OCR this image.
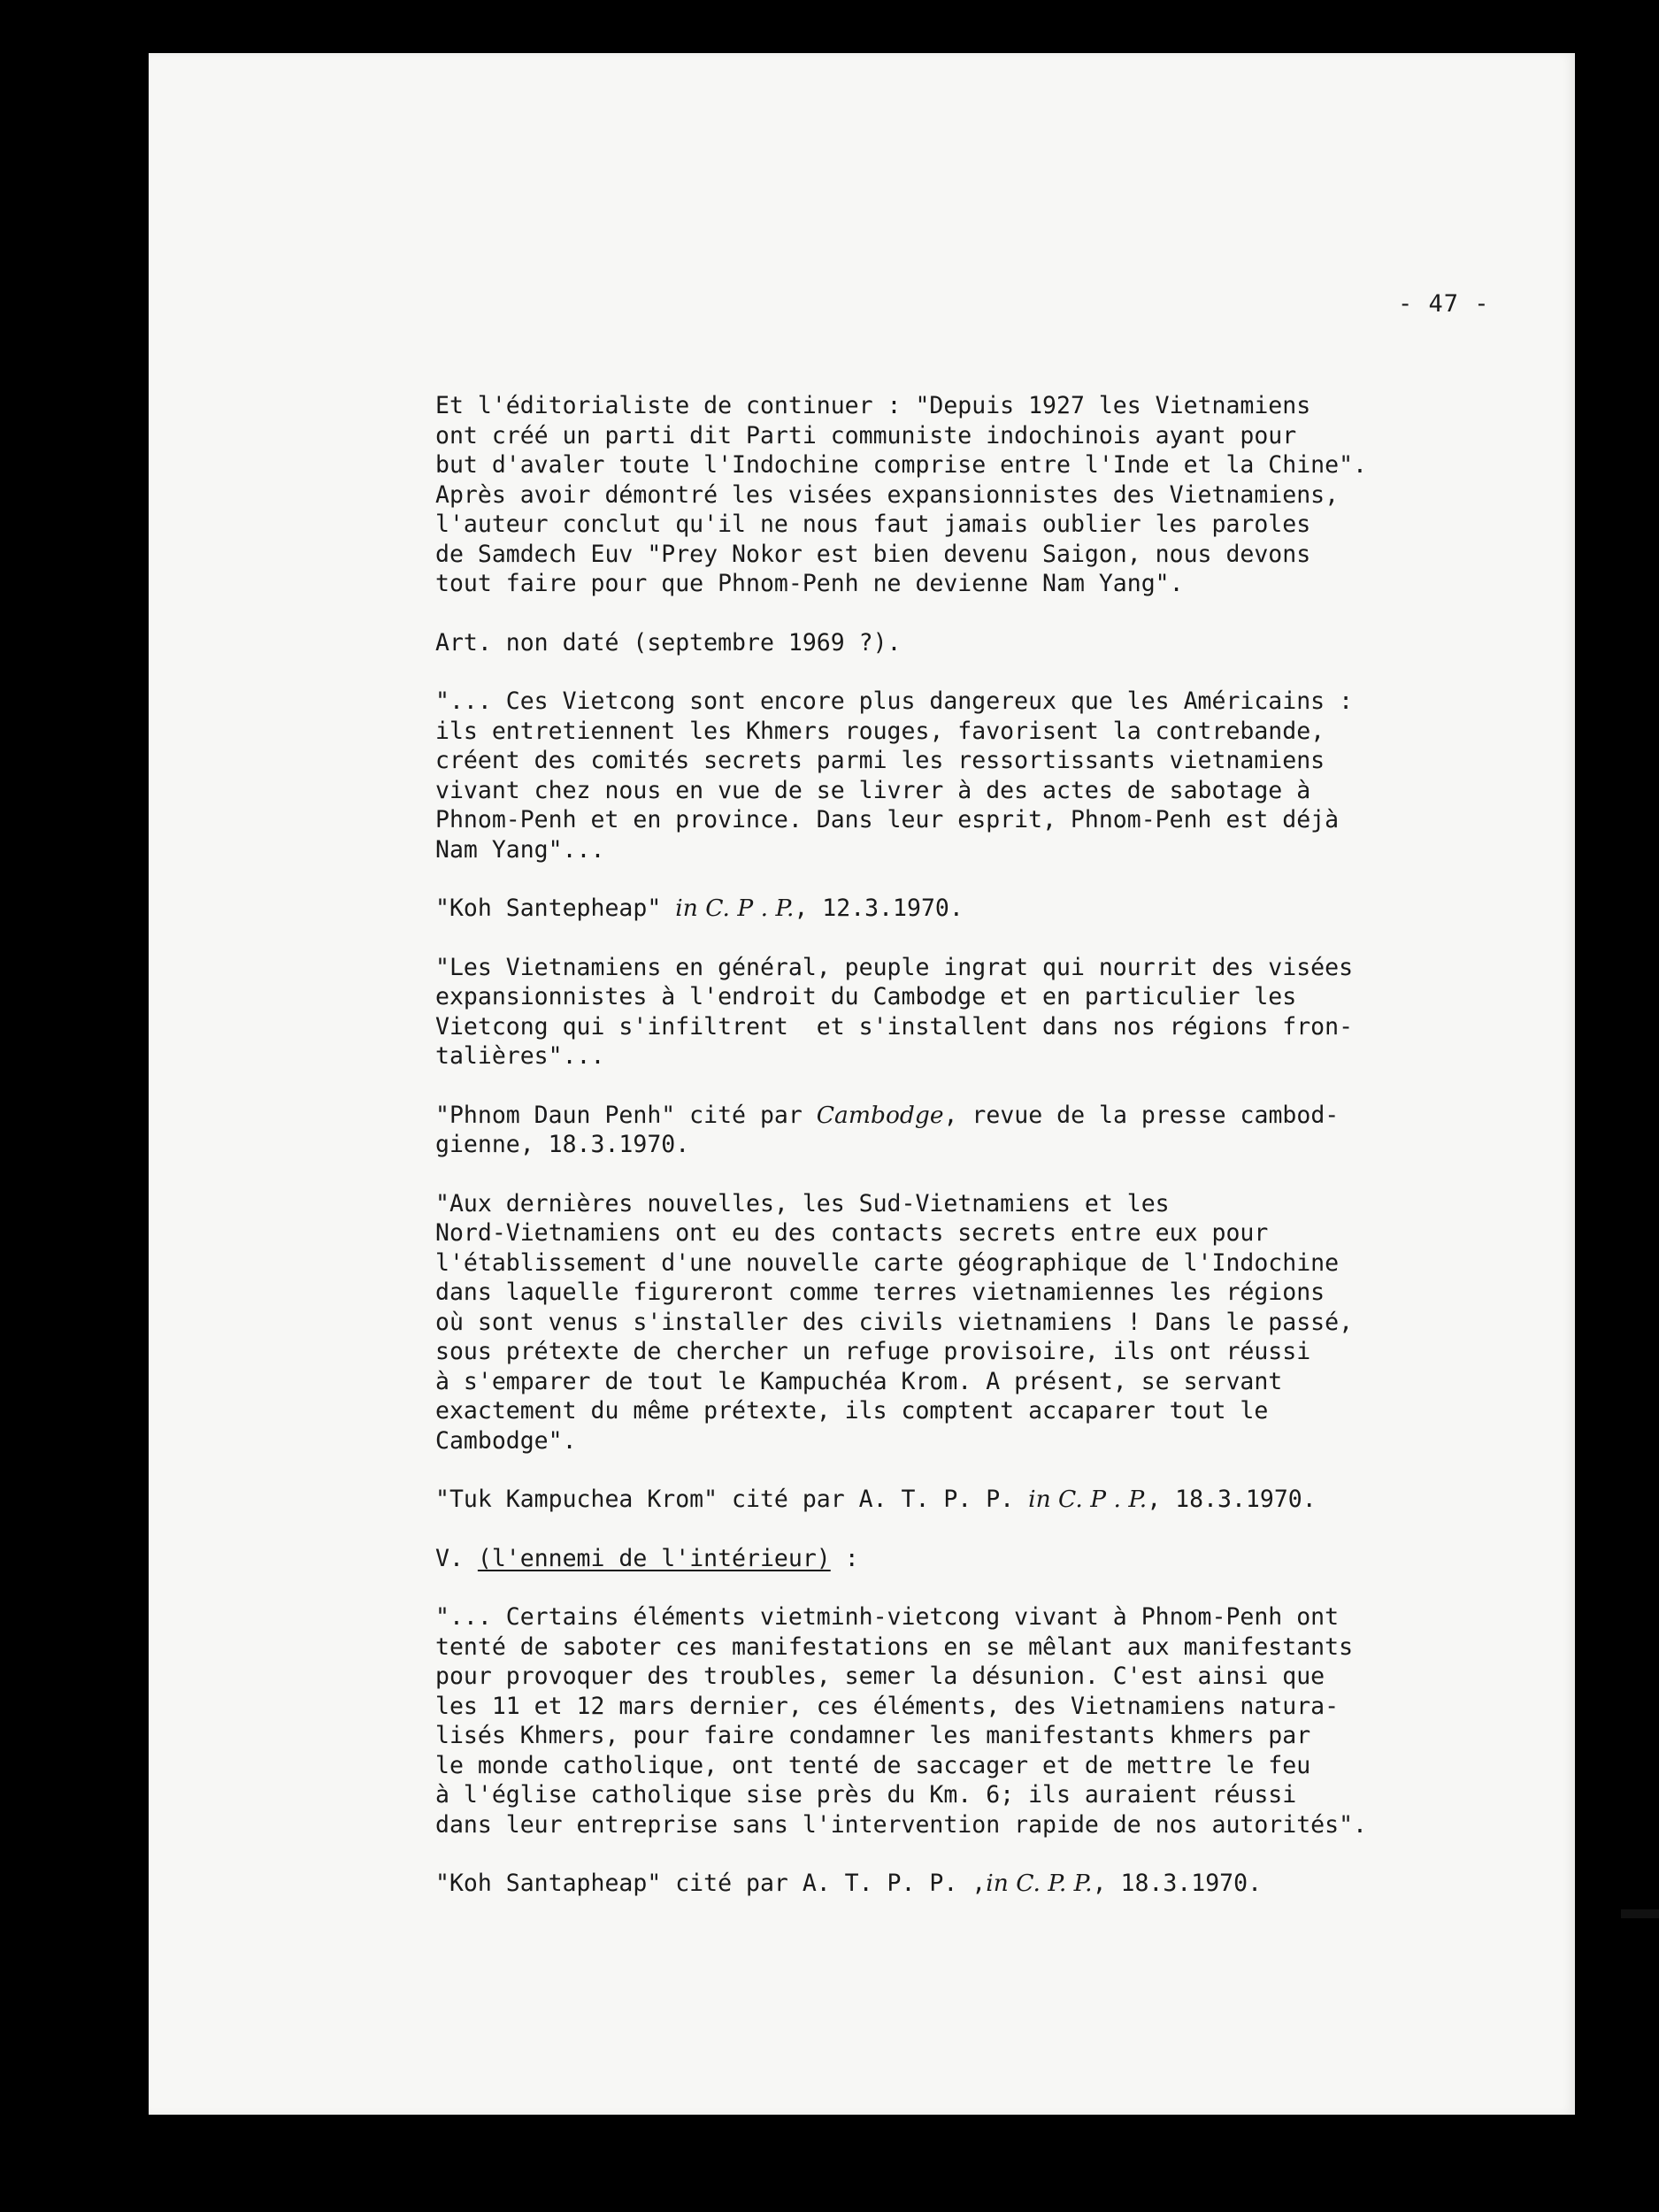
- 47 -
Et l'éditorialiste de continuer : "Depuis 1927 les Vietnamiens
ont créé un parti dit Parti communiste indochinois ayant pour
but d'avaler toute l'Indochine comprise entre l'Inde et la Chine".
Après avoir démontré les visées expansionnistes des Vietnamiens,
l'auteur conclut qu'il ne nous faut jamais oublier les paroles
de Samdech Euv "Prey Nokor est bien devenu Saigon, nous devons
tout faire pour que Phnom-Penh ne devienne Nam Yang".
Art. non daté (septembre 1969 ?).
"... Ces Vietcong sont encore plus dangereux que les Américains :
ils entretiennent les Khmers rouges, favorisent la contrebande,
créent des comités secrets parmi les ressortissants vietnamiens
vivant chez nous en vue de se livrer à des actes de sabotage à
Phnom-Penh et en province. Dans leur esprit, Phnom-Penh est déjà
Nam Yang"...
"Koh Santepheap" in C. P . P., 12.3.1970.
"Les Vietnamiens en général, peuple ingrat qui nourrit des visées
expansionnistes à l'endroit du Cambodge et en particulier les
Vietcong qui s'infiltrent  et s'installent dans nos régions fron-
talières"...
"Phnom Daun Penh" cité par Cambodge, revue de la presse cambod-
gienne, 18.3.1970.
"Aux dernières nouvelles, les Sud-Vietnamiens et les
Nord-Vietnamiens ont eu des contacts secrets entre eux pour
l'établissement d'une nouvelle carte géographique de l'Indochine
dans laquelle figureront comme terres vietnamiennes les régions
où sont venus s'installer des civils vietnamiens ! Dans le passé,
sous prétexte de chercher un refuge provisoire, ils ont réussi
à s'emparer de tout le Kampuchéa Krom. A présent, se servant
exactement du même prétexte, ils comptent accaparer tout le
Cambodge".
"Tuk Kampuchea Krom" cité par A. T. P. P. in C. P . P., 18.3.1970.
V. (l'ennemi de l'intérieur) :
"... Certains éléments vietminh-vietcong vivant à Phnom-Penh ont
tenté de saboter ces manifestations en se mêlant aux manifestants
pour provoquer des troubles, semer la désunion. C'est ainsi que
les 11 et 12 mars dernier, ces éléments, des Vietnamiens natura-
lisés Khmers, pour faire condamner les manifestants khmers par
le monde catholique, ont tenté de saccager et de mettre le feu
à l'église catholique sise près du Km. 6; ils auraient réussi
dans leur entreprise sans l'intervention rapide de nos autorités".
"Koh Santapheap" cité par A. T. P. P. ,in C. P. P., 18.3.1970.
